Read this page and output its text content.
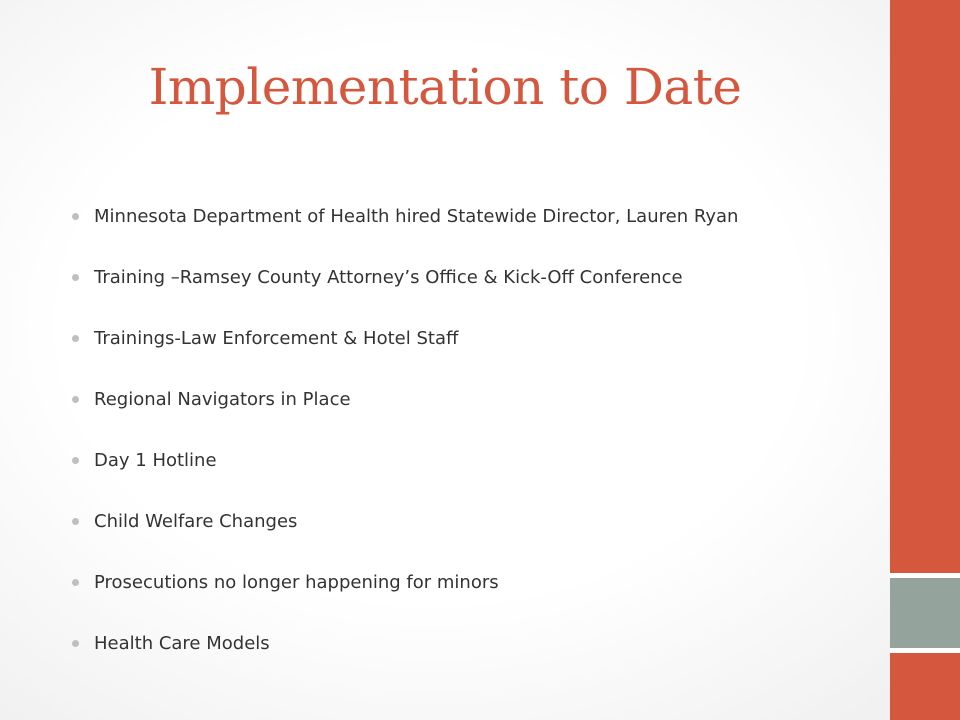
Implementation to Date
Minnesota Department of Health hired Statewide Director, Lauren Ryan
Training –Ramsey County Attorney’s Office & Kick-Off Conference
Trainings-Law Enforcement & Hotel Staff
Regional Navigators in Place
Day 1 Hotline
Child Welfare Changes
Prosecutions no longer happening for minors
Health Care Models
